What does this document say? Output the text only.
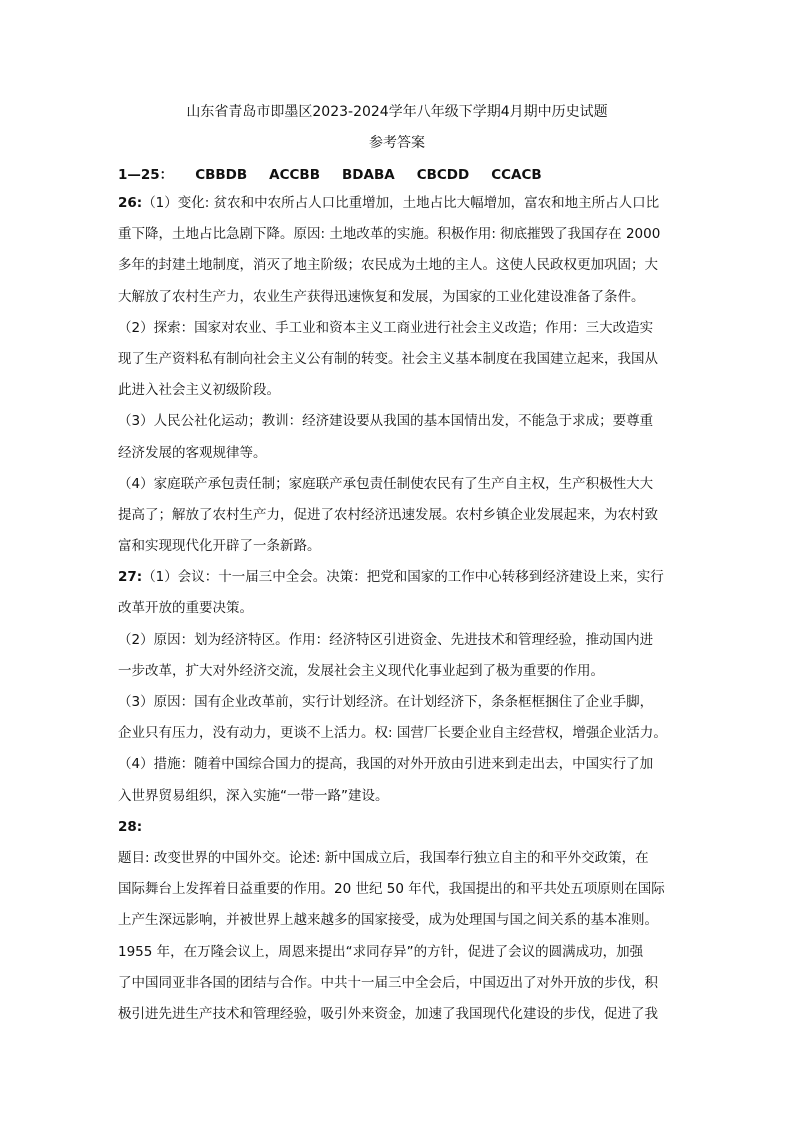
山东省青岛市即墨区2023-2024学年八年级下学期4月期中历史试题
参考答案
1—25： CBBDB ACCBB BDABA CBCDD CCACB
26:（1）变化: 贫农和中农所占人口比重增加，土地占比大幅增加，富农和地主所占人口比
重下降，土地占比急剧下降。原因: 土地改革的实施。积极作用: 彻底摧毁了我国存在 2000
多年的封建土地制度，消灭了地主阶级；农民成为土地的主人。这使人民政权更加巩固；大
大解放了农村生产力，农业生产获得迅速恢复和发展，为国家的工业化建设准备了条件。
（2）探索：国家对农业、手工业和资本主义工商业进行社会主义改造；作用：三大改造实
现了生产资料私有制向社会主义公有制的转变。社会主义基本制度在我国建立起来，我国从
此进入社会主义初级阶段。
（3）人民公社化运动；教训：经济建设要从我国的基本国情出发，不能急于求成；要尊重
经济发展的客观规律等。
（4）家庭联产承包责任制；家庭联产承包责任制使农民有了生产自主权，生产积极性大大
提高了；解放了农村生产力，促进了农村经济迅速发展。农村乡镇企业发展起来，为农村致
富和实现现代化开辟了一条新路。
27:（1）会议：十一届三中全会。决策：把党和国家的工作中心转移到经济建设上来，实行
改革开放的重要决策。
（2）原因：划为经济特区。作用：经济特区引进资金、先进技术和管理经验，推动国内进
一步改革，扩大对外经济交流，发展社会主义现代化事业起到了极为重要的作用。
（3）原因：国有企业改革前，实行计划经济。在计划经济下，条条框框捆住了企业手脚，
企业只有压力，没有动力，更谈不上活力。权: 国营厂长要企业自主经营权，增强企业活力。
（4）措施：随着中国综合国力的提高，我国的对外开放由引进来到走出去，中国实行了加
入世界贸易组织，深入实施“一带一路”建设。
28:
题目: 改变世界的中国外交。论述: 新中国成立后，我国奉行独立自主的和平外交政策，在
国际舞台上发挥着日益重要的作用。20 世纪 50 年代，我国提出的和平共处五项原则在国际
上产生深远影响，并被世界上越来越多的国家接受，成为处理国与国之间关系的基本准则。
1955 年，在万隆会议上，周恩来提出“求同存异”的方针，促进了会议的圆满成功，加强
了中国同亚非各国的团结与合作。中共十一届三中全会后，中国迈出了对外开放的步伐，积
极引进先进生产技术和管理经验，吸引外来资金，加速了我国现代化建设的步伐，促进了我
